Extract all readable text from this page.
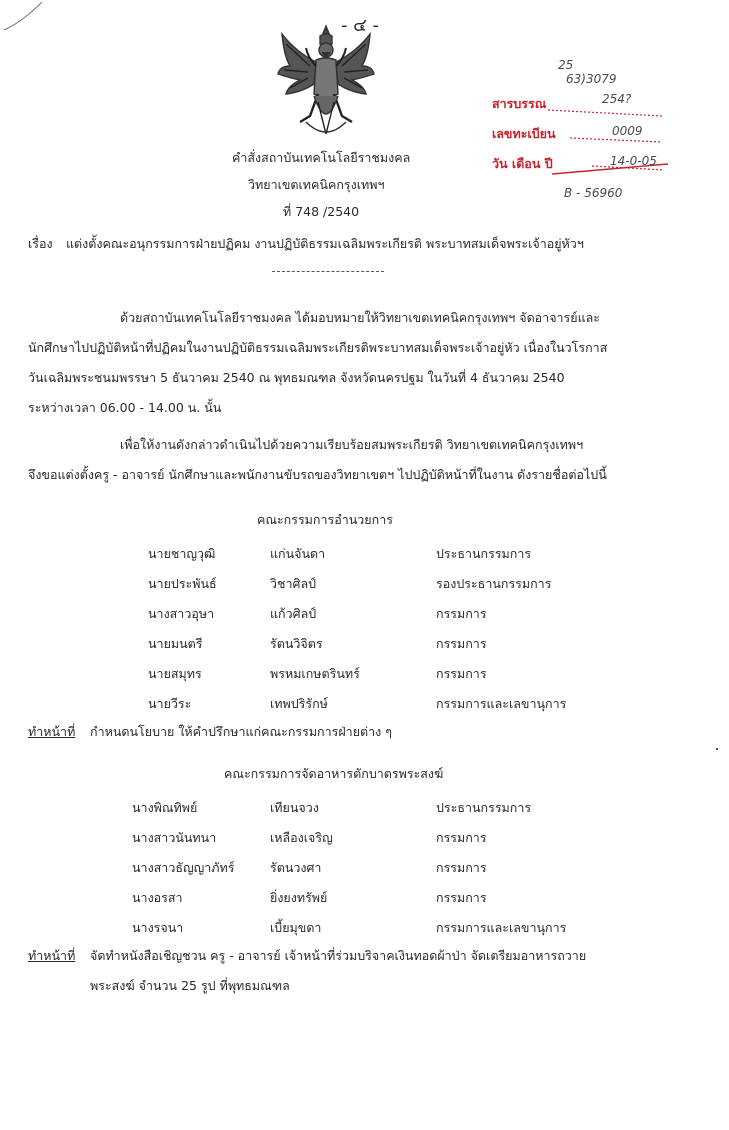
- ๔ -
สารบรรณ
เลขทะเบียน
วัน เดือน ปี
25
63)3079
254?
0009
14-0-05
B - 56960
คำสั่งสถาบันเทคโนโลยีราชมงคล
วิทยาเขตเทคนิคกรุงเทพฯ
ที่ 748 /2540
เรื่อง แต่งตั้งคณะอนุกรรมการฝ่ายปฏิคม งานปฏิบัติธรรมเฉลิมพระเกียรติ พระบาทสมเด็จพระเจ้าอยู่หัวฯ
ด้วยสถาบันเทคโนโลยีราชมงคล ได้มอบหมายให้วิทยาเขตเทคนิคกรุงเทพฯ จัดอาจารย์และ
นักศึกษาไปปฏิบัติหน้าที่ปฏิคมในงานปฏิบัติธรรมเฉลิมพระเกียรติพระบาทสมเด็จพระเจ้าอยู่หัว เนื่องในวโรกาส
วันเฉลิมพระชนมพรรษา 5 ธันวาคม 2540 ณ พุทธมณฑล จังหวัดนครปฐม ในวันที่ 4 ธันวาคม 2540
ระหว่างเวลา 06.00 - 14.00 น. นั้น
เพื่อให้งานดังกล่าวดำเนินไปด้วยความเรียบร้อยสมพระเกียรติ วิทยาเขตเทคนิคกรุงเทพฯ
จึงขอแต่งตั้งครู - อาจารย์ นักศึกษาและพนักงานขับรถของวิทยาเขตฯ ไปปฏิบัติหน้าที่ในงาน ดังรายชื่อต่อไปนี้
คณะกรรมการอำนวยการ
นายชาญวุฒิ	แก่นจันดา	ประธานกรรมการ
นายประพันธ์	วิชาศิลป์	รองประธานกรรมการ
นางสาวอุษา	แก้วศิลป์	กรรมการ
นายมนตรี	รัตนวิจิตร	กรรมการ
นายสมุทร	พรหมเกษตรินทร์	กรรมการ
นายวีระ	เทพปริรักษ์	กรรมการและเลขานุการ
ทำหน้าที่ กำหนดนโยบาย ให้คำปรึกษาแก่คณะกรรมการฝ่ายต่าง ๆ
คณะกรรมการจัดอาหารตักบาตรพระสงฆ์
นางพิณทิพย์	เทียนจวง	ประธานกรรมการ
นางสาวนันทนา	เหลืองเจริญ	กรรมการ
นางสาวธัญญาภัทร์	รัตนวงศา	กรรมการ
นางอรสา	ยิ่งยงทรัพย์	กรรมการ
นางรจนา	เบี้ยมุขดา	กรรมการและเลขานุการ
ทำหน้าที่ จัดทำหนังสือเชิญชวน ครู - อาจารย์ เจ้าหน้าที่ร่วมบริจาคเงินทอดผ้าป่า จัดเตรียมอาหารถวาย
พระสงฆ์ จำนวน 25 รูป ที่พุทธมณฑล
